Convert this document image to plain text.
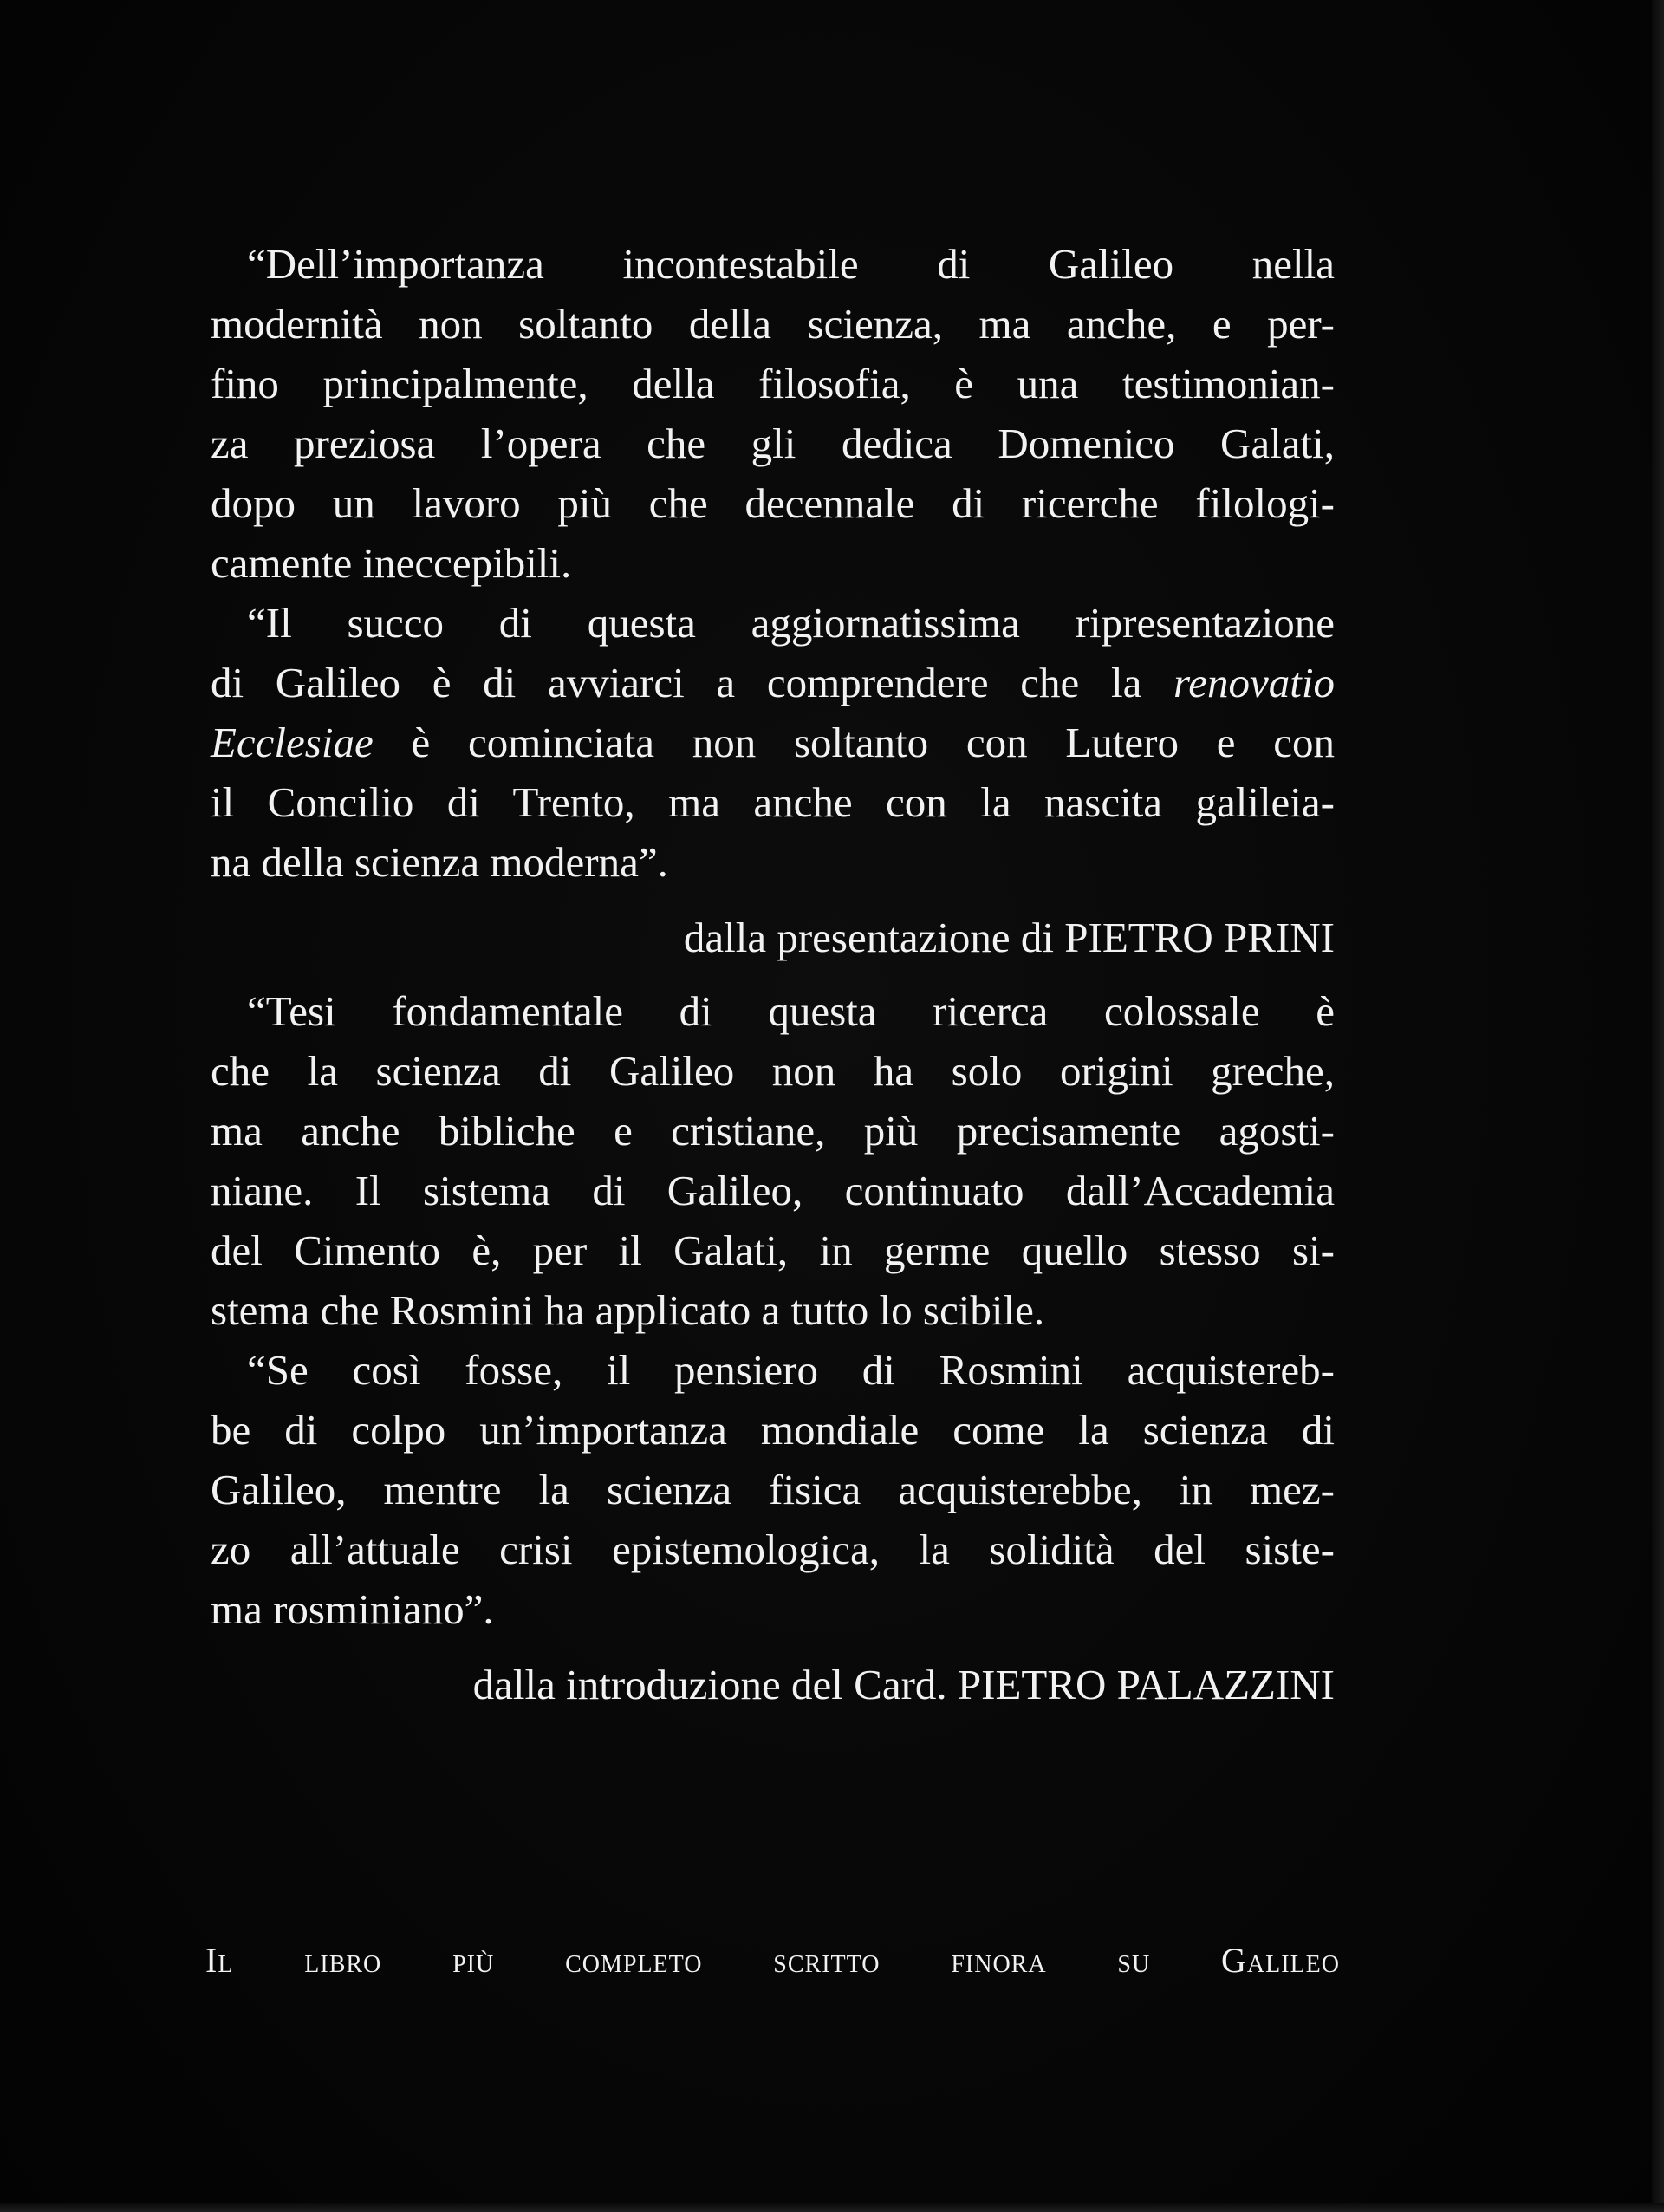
“Dell’importanza incontestabile di Galileo nella
modernità non soltanto della scienza, ma anche, e per-
fino principalmente, della filosofia, è una testimonian-
za preziosa l’opera che gli dedica Domenico Galati,
dopo un lavoro più che decennale di ricerche filologi-
camente ineccepibili.

“Il succo di questa aggiornatissima ripresentazione
di Galileo è di avviarci a comprendere che la renovatio
Ecclesiae è cominciata non soltanto con Lutero e con
il Concilio di Trento, ma anche con la nascita galileia-
na della scienza moderna”.

dalla presentazione di PIETRO PRINI

“Tesi fondamentale di questa ricerca colossale è
che la scienza di Galileo non ha solo origini greche,
ma anche bibliche e cristiane, più precisamente agosti-
niane. Il sistema di Galileo, continuato dall’Accademia
del Cimento è, per il Galati, in germe quello stesso si-
stema che Rosmini ha applicato a tutto lo scibile.

“Se così fosse, il pensiero di Rosmini acquistereb-
be di colpo un’importanza mondiale come la scienza di
Galileo, mentre la scienza fisica acquisterebbe, in mez-
zo all’attuale crisi epistemologica, la solidità del siste-
ma rosminiano”.

dalla introduzione del Card. PIETRO PALAZZINI

Il libro più completo scritto finora su Galileo
